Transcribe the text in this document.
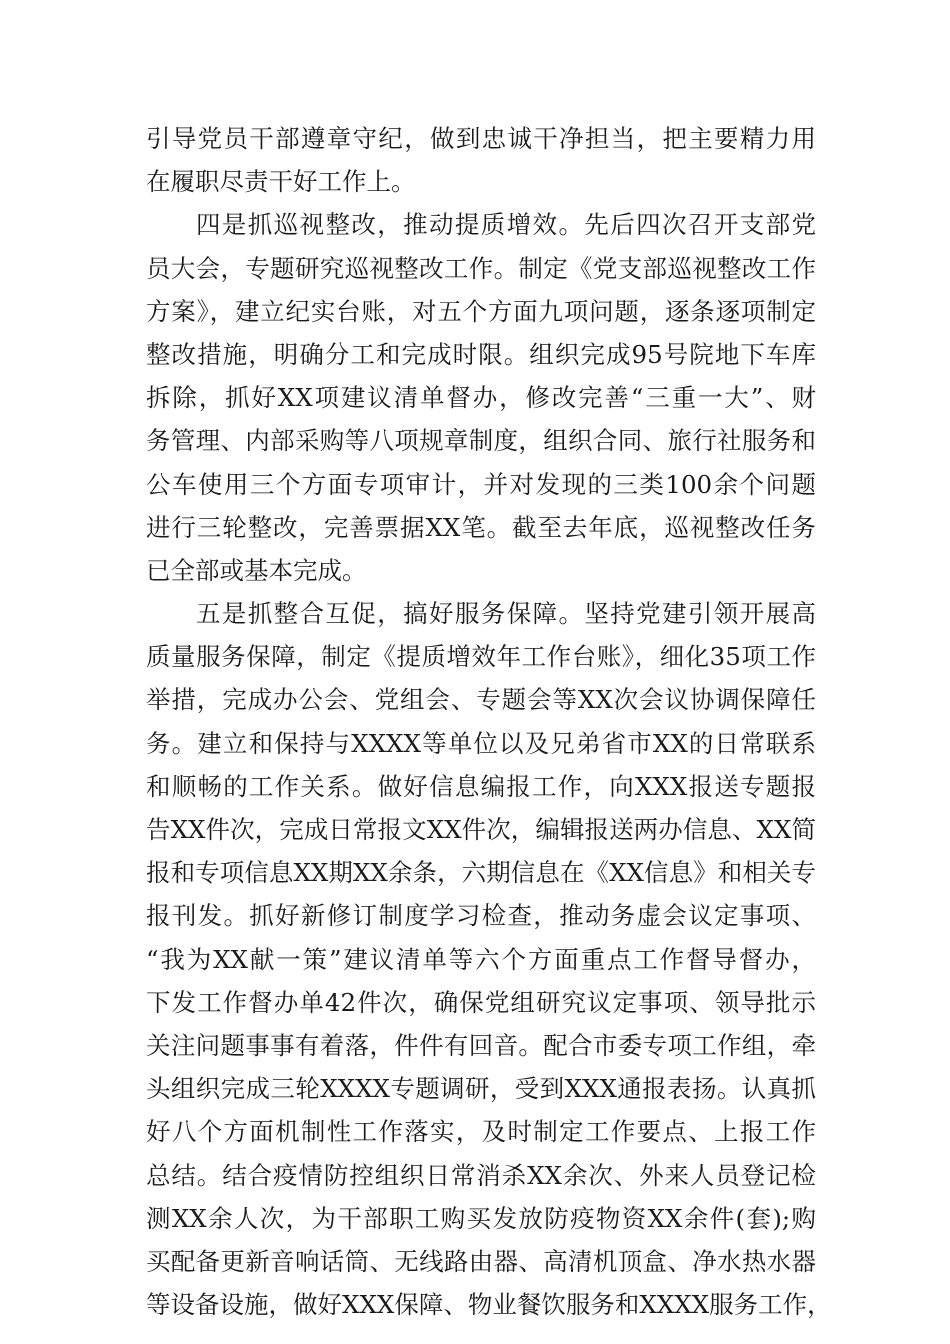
引导党员干部遵章守纪，做到忠诚干净担当，把主要精力用
在履职尽责干好工作上。
四是抓巡视整改，推动提质增效。先后四次召开支部党
员大会，专题研究巡视整改工作。制定《党支部巡视整改工作
方案》，建立纪实台账，对五个方面九项问题，逐条逐项制定
整改措施，明确分工和完成时限。组织完成95号院地下车库
拆除，抓好XX项建议清单督办，修改完善“三重一大”、财
务管理、内部采购等八项规章制度，组织合同、旅行社服务和
公车使用三个方面专项审计，并对发现的三类100余个问题
进行三轮整改，完善票据XX笔。截至去年底，巡视整改任务
已全部或基本完成。
五是抓整合互促，搞好服务保障。坚持党建引领开展高
质量服务保障，制定《提质增效年工作台账》，细化35项工作
举措，完成办公会、党组会、专题会等XX次会议协调保障任
务。建立和保持与XXXX等单位以及兄弟省市XX的日常联系
和顺畅的工作关系。做好信息编报工作，向XXX报送专题报
告XX件次，完成日常报文XX件次，编辑报送两办信息、XX简
报和专项信息XX期XX余条，六期信息在《XX信息》和相关专
报刊发。抓好新修订制度学习检查，推动务虚会议定事项、
“我为XX献一策”建议清单等六个方面重点工作督导督办，
下发工作督办单42件次，确保党组研究议定事项、领导批示
关注问题事事有着落，件件有回音。配合市委专项工作组，牵
头组织完成三轮XXXX专题调研，受到XXX通报表扬。认真抓
好八个方面机制性工作落实，及时制定工作要点、上报工作
总结。结合疫情防控组织日常消杀XX余次、外来人员登记检
测XX余人次，为干部职工购买发放防疫物资XX余件(套);购
买配备更新音响话筒、无线路由器、高清机顶盒、净水热水器
等设备设施，做好XXX保障、物业餐饮服务和XXXX服务工作，
